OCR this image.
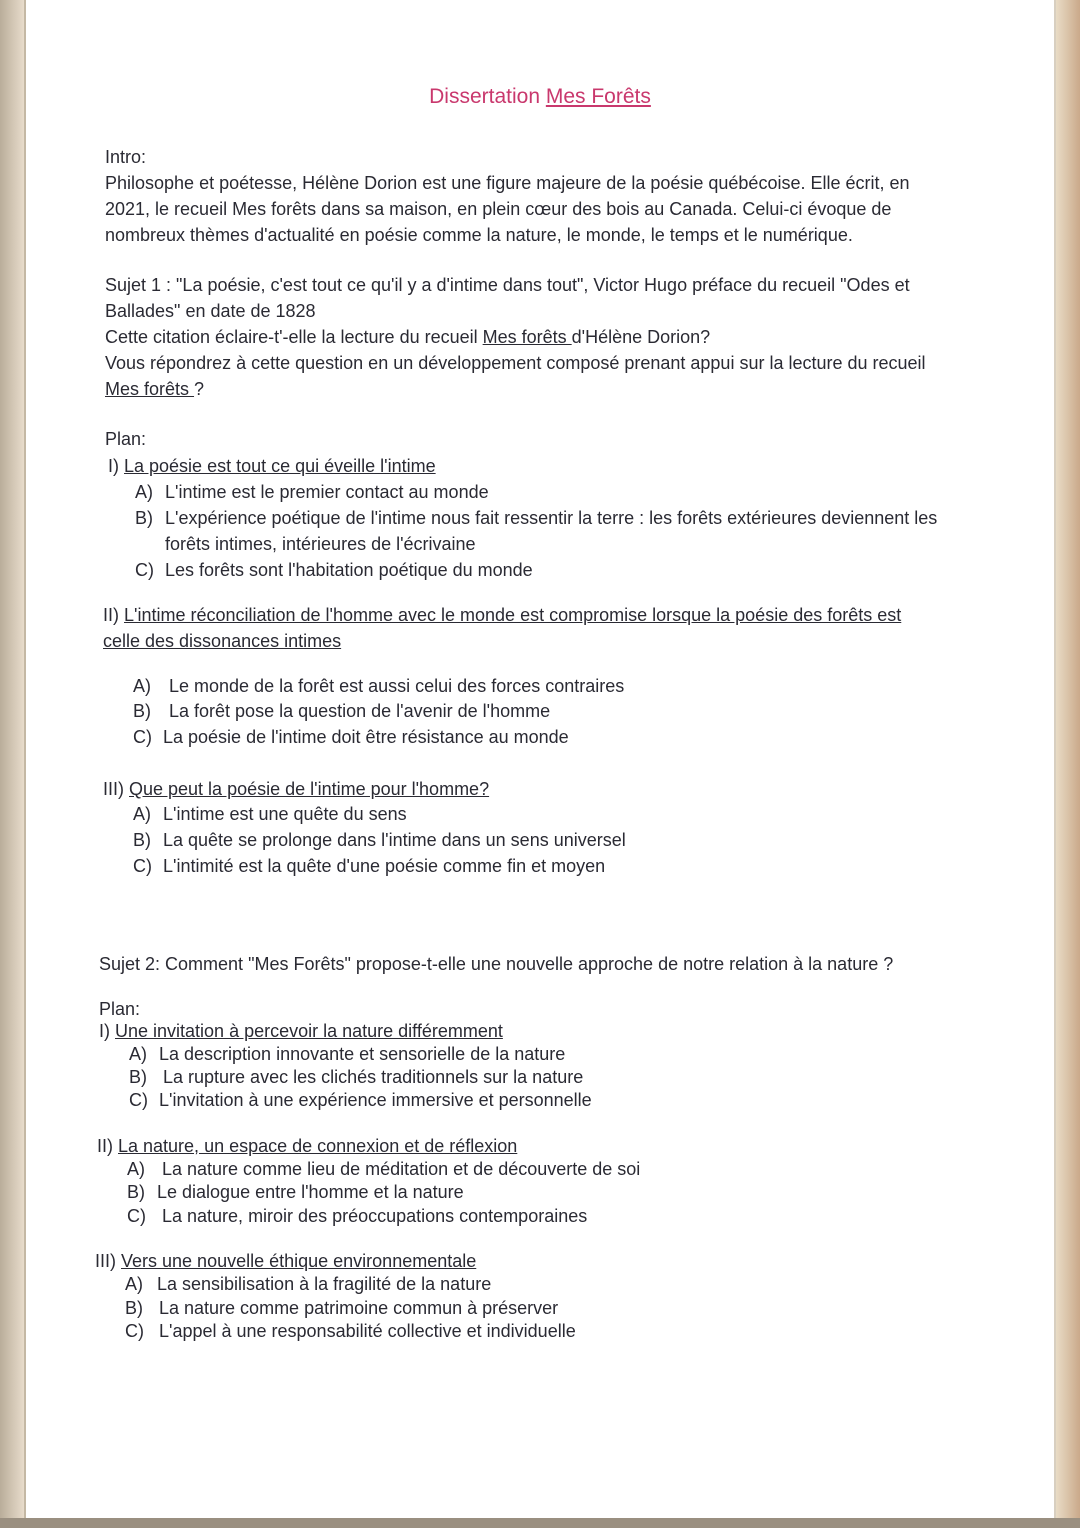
Dissertation Mes Forêts
Intro:
Philosophe et poétesse, Hélène Dorion est une figure majeure de la poésie québécoise. Elle écrit, en
2021, le recueil Mes forêts dans sa maison, en plein cœur des bois au Canada. Celui-ci évoque de
nombreux thèmes d'actualité en poésie comme la nature, le monde, le temps et le numérique.
Sujet 1 : "La poésie, c'est tout ce qu'il y a d'intime dans tout", Victor Hugo préface du recueil "Odes et
Ballades" en date de 1828
Cette citation éclaire-t'-elle la lecture du recueil Mes forêts d'Hélène Dorion?
Vous répondrez à cette question en un développement composé prenant appui sur la lecture du recueil
Mes forêts ?
Plan:
I) La poésie est tout ce qui éveille l'intime
A) L'intime est le premier contact au monde
B) L'expérience poétique de l'intime nous fait ressentir la terre : les forêts extérieures deviennent les
forêts intimes, intérieures de l'écrivaine
C) Les forêts sont l'habitation poétique du monde
II) L'intime réconciliation de l'homme avec le monde est compromise lorsque la poésie des forêts est
celle des dissonances intimes
A) Le monde de la forêt est aussi celui des forces contraires
B) La forêt pose la question de l'avenir de l'homme
C) La poésie de l'intime doit être résistance au monde
III) Que peut la poésie de l'intime pour l'homme?
A) L'intime est une quête du sens
B) La quête se prolonge dans l'intime dans un sens universel
C) L'intimité est la quête d'une poésie comme fin et moyen
Sujet 2: Comment "Mes Forêts" propose-t-elle une nouvelle approche de notre relation à la nature ?
Plan:
I) Une invitation à percevoir la nature différemment
A) La description innovante et sensorielle de la nature
B) La rupture avec les clichés traditionnels sur la nature
C) L'invitation à une expérience immersive et personnelle
II) La nature, un espace de connexion et de réflexion
A) La nature comme lieu de méditation et de découverte de soi
B) Le dialogue entre l'homme et la nature
C) La nature, miroir des préoccupations contemporaines
III) Vers une nouvelle éthique environnementale
A) La sensibilisation à la fragilité de la nature
B) La nature comme patrimoine commun à préserver
C) L'appel à une responsabilité collective et individuelle
